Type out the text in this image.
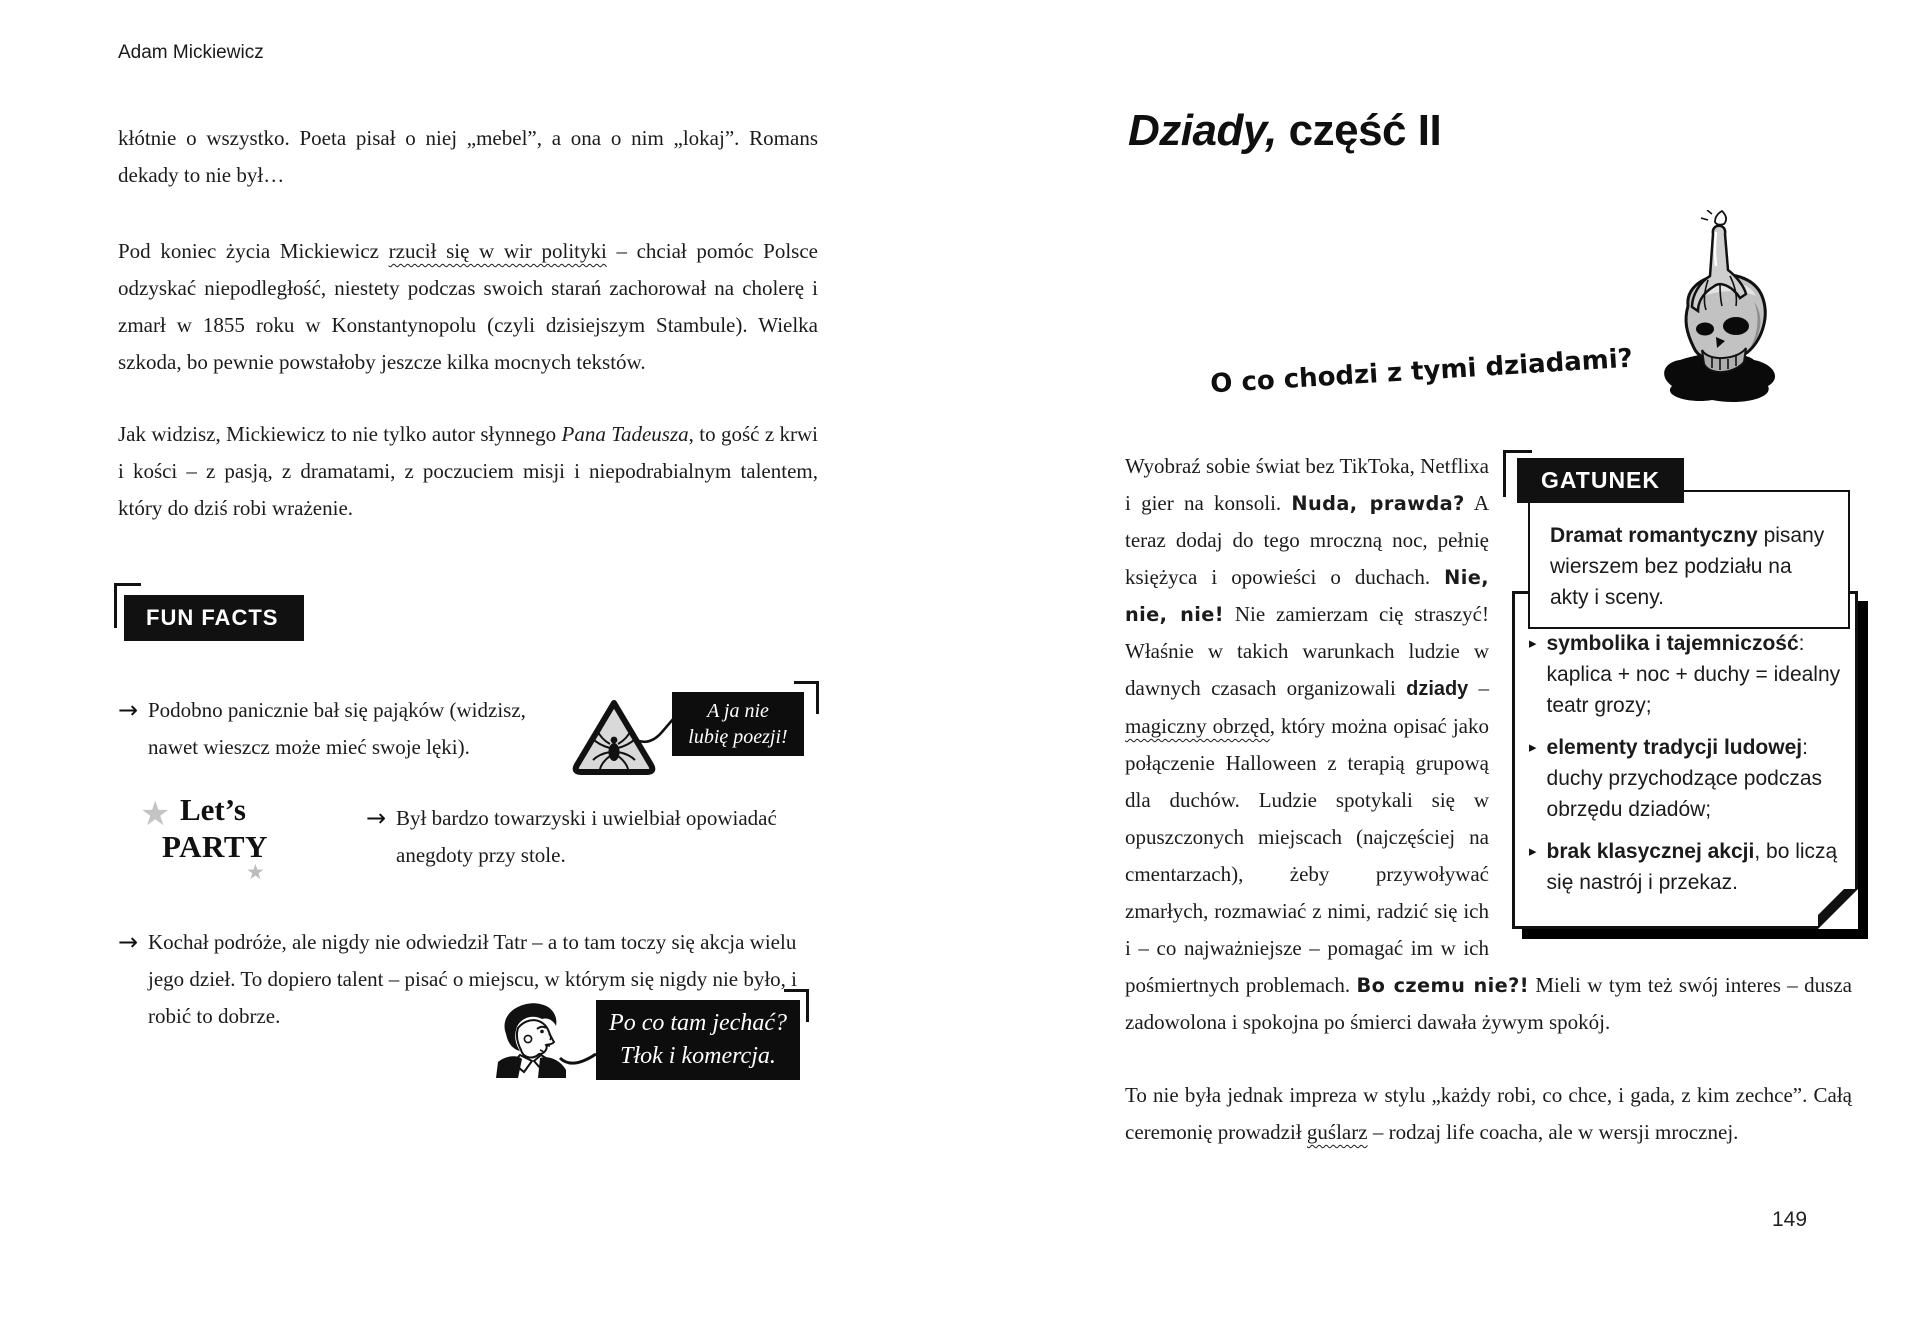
Adam Mickiewicz
kłótnie o wszystko. Poeta pisał o niej „mebel”, a ona o nim „lokaj”. Romans dekady to nie był…
Pod koniec życia Mickiewicz rzucił się w wir polityki – chciał pomóc Polsce odzyskać niepodległość, niestety podczas swoich starań zachorował na cholerę i zmarł w 1855 roku w Konstantynopolu (czyli dzisiejszym Stambule). Wielka szkoda, bo pewnie powstałoby jeszcze kilka mocnych tekstów.
Jak widzisz, Mickiewicz to nie tylko autor słynnego Pana Tadeusza, to gość z krwi i kości – z pasją, z dramatami, z poczuciem misji i niepodrabialnym talentem, który do dziś robi wrażenie.
FUN FACTS
→ Podobno panicznie bał się pająków (widzisz, nawet wieszcz może mieć swoje lęki).
A ja nie
lubię poezji!
★ Let’s
PARTY
★
→ Był bardzo towarzyski i uwielbiał opowiadać anegdoty przy stole.
→ Kochał podróże, ale nigdy nie odwiedził Tatr – a to tam toczy się akcja wielu jego dzieł. To dopiero talent – pisać o miejscu, w którym się nigdy nie było, i robić to dobrze.	Po co tam jechać?
Tłok i komercja.
Dziady, część II
O co chodzi z tymi dziadami?
GATUNEK
Dramat romantyczny pisany wierszem bez podziału na akty i sceny.
▸ symbolika i tajemniczość: kaplica + noc + duchy = idealny teatr grozy;
▸ elementy tradycji ludowej: duchy przychodzące podczas obrzędu dziadów;
▸ brak klasycznej akcji, bo liczą się nastrój i przekaz.

Wyobraź sobie świat bez TikToka, Netflixa i gier na konsoli. Nuda, prawda? A teraz dodaj do tego mroczną noc, pełnię księżyca i opowieści o duchach. Nie, nie, nie! Nie zamierzam cię straszyć! Właśnie w takich warunkach ludzie w dawnych czasach organizowali dziady – magiczny obrzęd, który można opisać jako połączenie Halloween z terapią grupową dla duchów. Ludzie spotykali się w opuszczonych miejscach (najczęściej na cmentarzach), żeby przywoływać zmarłych, rozmawiać z nimi, radzić się ich i – co najważniejsze – pomagać im w ich pośmiertnych problemach. Bo czemu nie?! Mieli w tym też swój interes – dusza zadowolona i spokojna po śmierci dawała żywym spokój.

To nie była jednak impreza w stylu „każdy robi, co chce, i gada, z kim zechce”. Całą ceremonię prowadził guślarz – rodzaj life coacha, ale w wersji mrocznej.

149
